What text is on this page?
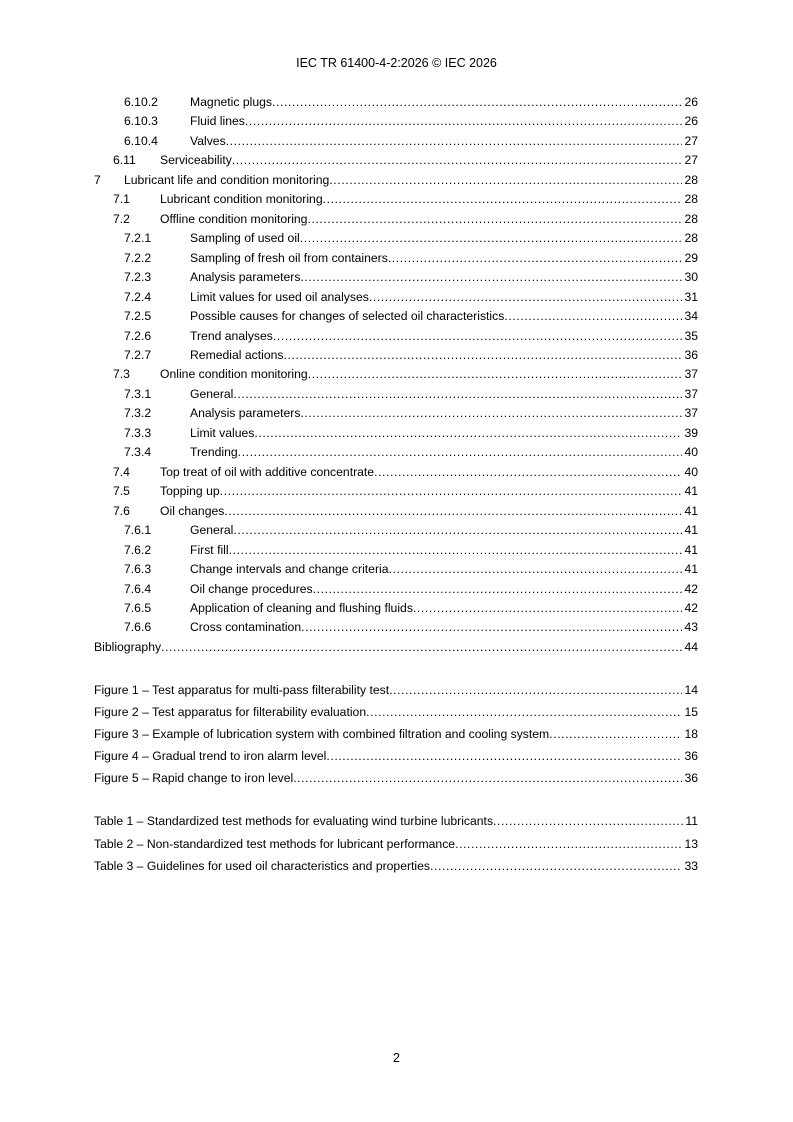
IEC TR 61400-4-2:2026 © IEC 2026
6.10.2	Magnetic plugs .....	26
6.10.3	Fluid lines .....	26
6.10.4	Valves .....	27
6.11 Serviceability .....	27
7 Lubricant life and condition monitoring .....	28
7.1 Lubricant condition monitoring .....	28
7.2 Offline condition monitoring .....	28
7.2.1	Sampling of used oil .....	28
7.2.2	Sampling of fresh oil from containers .....	29
7.2.3	Analysis parameters .....	30
7.2.4	Limit values for used oil analyses .....	31
7.2.5	Possible causes for changes of selected oil characteristics .....	34
7.2.6	Trend analyses .....	35
7.2.7	Remedial actions .....	36
7.3 Online condition monitoring .....	37
7.3.1	General .....	37
7.3.2	Analysis parameters .....	37
7.3.3	Limit values .....	39
7.3.4	Trending .....	40
7.4 Top treat of oil with additive concentrate .....	40
7.5 Topping up .....	41
7.6 Oil changes .....	41
7.6.1	General .....	41
7.6.2	First fill .....	41
7.6.3	Change intervals and change criteria .....	41
7.6.4	Oil change procedures .....	42
7.6.5	Application of cleaning and flushing fluids .....	42
7.6.6	Cross contamination .....	43
Bibliography .....	44
Figure 1 – Test apparatus for multi-pass filterability test .....	14
Figure 2 – Test apparatus for filterability evaluation .....	15
Figure 3 – Example of lubrication system with combined filtration and cooling system .....	18
Figure 4 – Gradual trend to iron alarm level .....	36
Figure 5 – Rapid change to iron level .....	36
Table 1 – Standardized test methods for evaluating wind turbine lubricants .....	11
Table 2 – Non-standardized test methods for lubricant performance .....	13
Table 3 – Guidelines for used oil characteristics and properties .....	33
2
